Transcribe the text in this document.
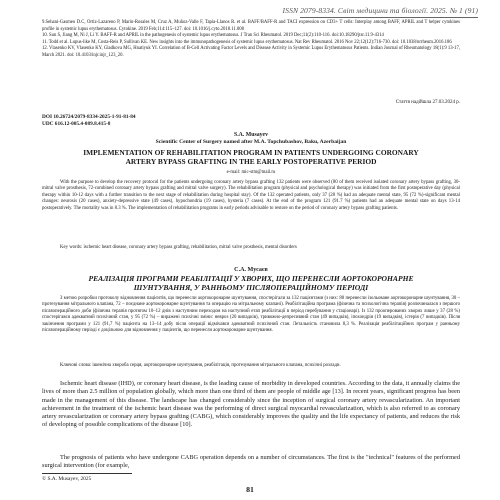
ISSN 2079-8334. Світ медицини та біології. 2025. № 1 (91)
9.Sehani-Gasmeo D.C, Ortiz-Lazareno P, Marin-Rosales M, Cruz A, Muñoz-Valle F, Tapia-Llanos R. et al. BAFF/BAFF-R and TACI expression on CD3+ T cells: Interplay among BAFF, APRIL and T helper cytokines profile in systemic lupus erythematosus. Cytokine. 2019 Feb;114:115–127. doi: 10.1016/j.cyto.2018.11.008
10. Sun S, Jiang M, Ni J, Li Y. BAFF-R and APRIL in the pathogenesis of systemic lupus erythematosus. J Tran Sci Rheumatol. 2019 Dec;11(2):110-116. doi:10.18290/jtsr.11.9-4314
11. Todd et al. Lupus-like M, Costa-Reis P, Sullivan KE. New insights into the immunopathogenesis of systemic lupus erythematosus. Nat Rev Rheumatol. 2016 Nov 22;12(12):716-730. doi: 10.1038/nrrheum.2016.186
12. Vlasenko KV, Vlasenko KY, Gladkova MG, Hnatiyuk YI. Correlation of B-Cell Activating Factor Levels and Disease Activity in Systemic Lupus Erythematosus Patients. Indian Journal of Rheumatology 18(1):9 13-17, March 2021. doi: 10.4103/injr.injr_123_20.
Стаття надійшла 27.03.2024 р.
DOI 10.26724/2079-8334-2025-1-91-81-84
UDC 616.12-005.4-089.8.415-8
S.A. Musayev
Scientific Center of Surgery named after M.A. Topchubashov, Baku, Azerbaijan
IMPLEMENTATION OF REHABILITATION PROGRAM IN PATIENTS UNDERGOING CORONARY ARTERY BYPASS GRAFTING IN THE EARLY POSTOPERATIVE PERIOD
e-mail: mic-stm@mail.ru
With the purpose to develop the recovery protocol for the patients undergoing coronary artery bypass grafting 132 patients were observed (80 of them received isolated coronary artery bypass grafting, 30-mitral valve prosthesis, 72-combined coronary artery bypass grafting and mitral valve surgery). The rehabilitation program (physical and psychological therapy) was initiated from the first postoperative day (physical therapy within 10-12 days with a further transition to the next stage of rehabilitation during hospital stay). Of the 132 operated patients, only 37 (28 %) had an adequate mental state, 95 (72 %)-significant mental changes: neurosis (20 cases), anxiety-depressive state (49 cases), hypochondria (19 cases), hysteria (7 cases). At the end of the program 121 (91.7 %) patients had an adequate mental state on days 13-14 postoperatively. The mortality was in 8.3 %. The implementation of rehabilitation programs in early periods advisable to restore on the period of coronary artery bypass grafting patients.
Key words: ischemic heart disease, coronary artery bypass grafting, rehabilitation, mitral valve prosthesis, mental disorders
С.А. Мусаєв
РЕАЛІЗАЦІЯ ПРОГРАМИ РЕАБІЛІТАЦІЇ У ХВОРИХ, ЩО ПЕРЕНЕСЛИ АОРТОКОРОНАРНЕ ШУНТУВАННЯ, У РАННЬОМУ ПІСЛЯОПЕРАЦІЙНОМУ ПЕРІОДІ
З метою розробки протоколу відновлення пацієнтів, що перенесли аортокоронарне шунтування, спостерігали за 132 пацієнтами (з них: 80 перенесли ізольоване аортокоронарне шунтування, 30 – протезування мітрального клапана, 72 – поєднане аортокоронарне шунтування та операцію на мітральному клапані). Реабілітаційна програма (фізична та психологічна терапія) розпочиналася з першого післяопераційного доби (фізична терапія протягом 10–12 днів з наступним переходом на наступний етап реабілітації в період перебування у стаціонарі). Із 132 прооперованих хворих лише у 37 (28 %) спостерігався адекватний психічний стан, у 95 (72 %) – виражені психічні зміни: невроз (20 випадків), тривожно-депресивний стан (49 випадків), іпохондрія (19 випадків), істерія (7 випадків). Після закінчення програми у 121 (91,7 %) пацієнта на 13–14 добу після операції відмічався адекватний психічний стан. Летальність становила 8,3 %. Реалізація реабілітаційних програм у ранньому післяопераційному періоді є доцільною для відновлення у пацієнтів, що перенесли аортокоронарне шунтування.
Ключові слова: ішемічна хвороба серця, аортокоронарне шунтування, реабілітація, протезування мітрального клапана, психічні розлади.
Ischemic heart disease (IHD), or coronary heart disease, is the leading cause of morbidity in developed countries. According to the data, it annually claims the lives of more than 2.5 million of population globally, which more than one third of them are people of middle age [13]. In recent years, significant progress has been made in the management of this disease. The landscape has changed considerably since the inception of surgical coronary artery revascularization. An important achievement in the treatment of the ischemic heart disease was the performing of direct surgical myocardial revascularization, which is also referred to as coronary artery revascularization or coronary artery bypass grafting (CABG), which considerably improves the quality and the life expectancy of patients, and reduces the risk of developing of possible complications of the disease [10].
The prognosis of patients who have undergone CABG operation depends on a number of circumstances. The first is the "technical" features of the performed surgical intervention (for example,
© S.A. Musayev, 2025
81
